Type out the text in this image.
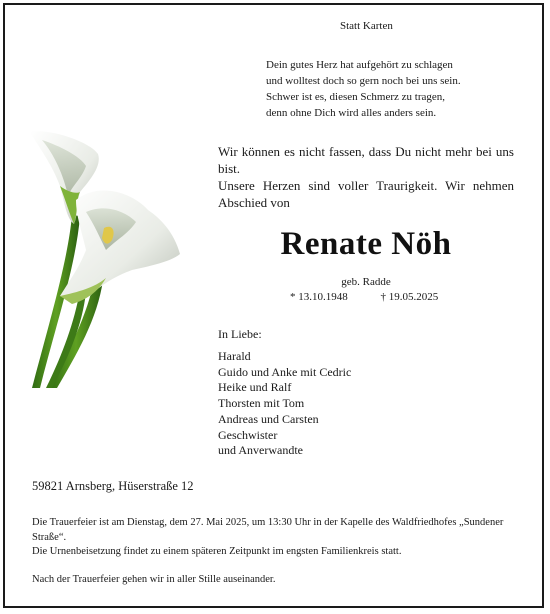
Statt Karten
Dein gutes Herz hat aufgehört zu schlagen
und wolltest doch so gern noch bei uns sein.
Schwer ist es, diesen Schmerz zu tragen,
denn ohne Dich wird alles anders sein.

Wir können es nicht fassen, dass Du nicht mehr bei uns bist.

Unsere Herzen sind voller Traurigkeit. Wir nehmen Abschied von

Renate Nöh
geb. Radde
* 13.10.1948	† 19.05.2025
In Liebe:
Harald
Guido und Anke mit Cedric
Heike und Ralf
Thorsten mit Tom
Andreas und Carsten
Geschwister
und Anverwandte
59821 Arnsberg, Hüserstraße 12

Die Trauerfeier ist am Dienstag, dem 27. Mai 2025, um 13:30 Uhr in der Kapelle des Waldfriedhofes „Sundener Straße“.

Die Urnenbeisetzung findet zu einem späteren Zeitpunkt im engsten Familienkreis statt.

Nach der Trauerfeier gehen wir in aller Stille auseinander.
